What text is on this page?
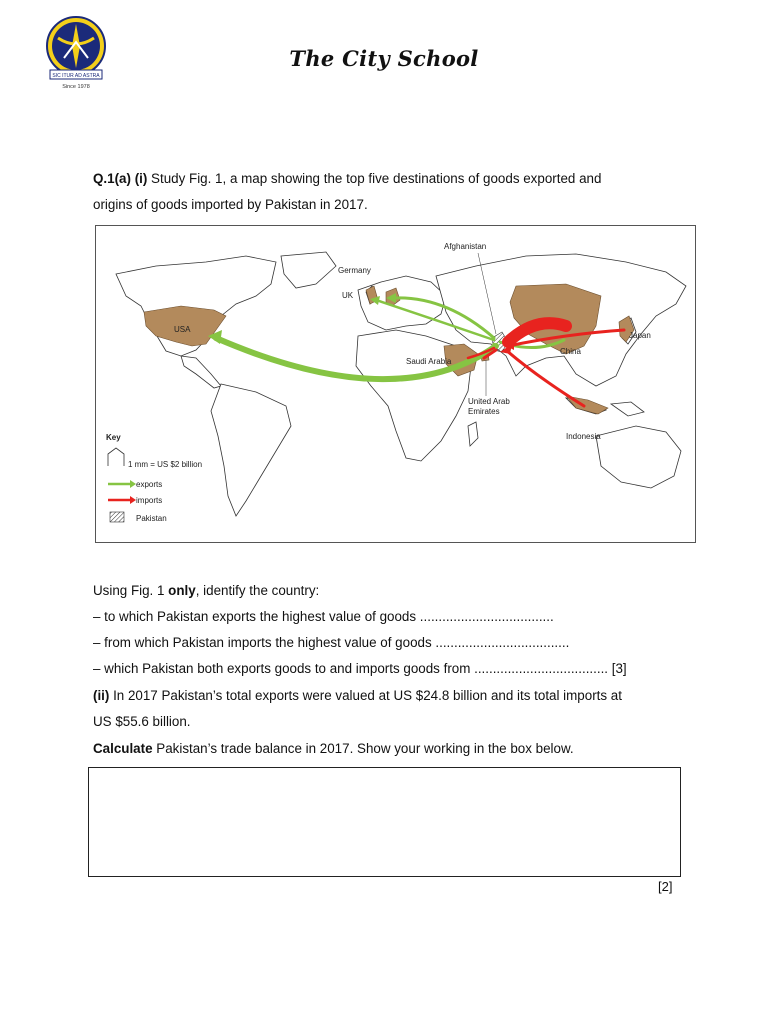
SIC ITUR AD ASTRA
Since 1978
The City School
Q.1(a) (i) Study Fig. 1, a map showing the top five destinations of goods exported and
origins of goods imported by Pakistan in 2017.
Afghanistan
Germany
UK
USA
Japan
China
Saudi Arabia
United Arab
Emirates
Indonesia
Key
1 mm = US $2 billion
exports
imports
Pakistan
Using Fig. 1 only, identify the country:
– to which Pakistan exports the highest value of goods ....................................
– from which Pakistan imports the highest value of goods ....................................
– which Pakistan both exports goods to and imports goods from .................................... [3]
(ii) In 2017 Pakistan’s total exports were valued at US $24.8 billion and its total imports at
US $55.6 billion.
Calculate Pakistan’s trade balance in 2017. Show your working in the box below.
[2]
